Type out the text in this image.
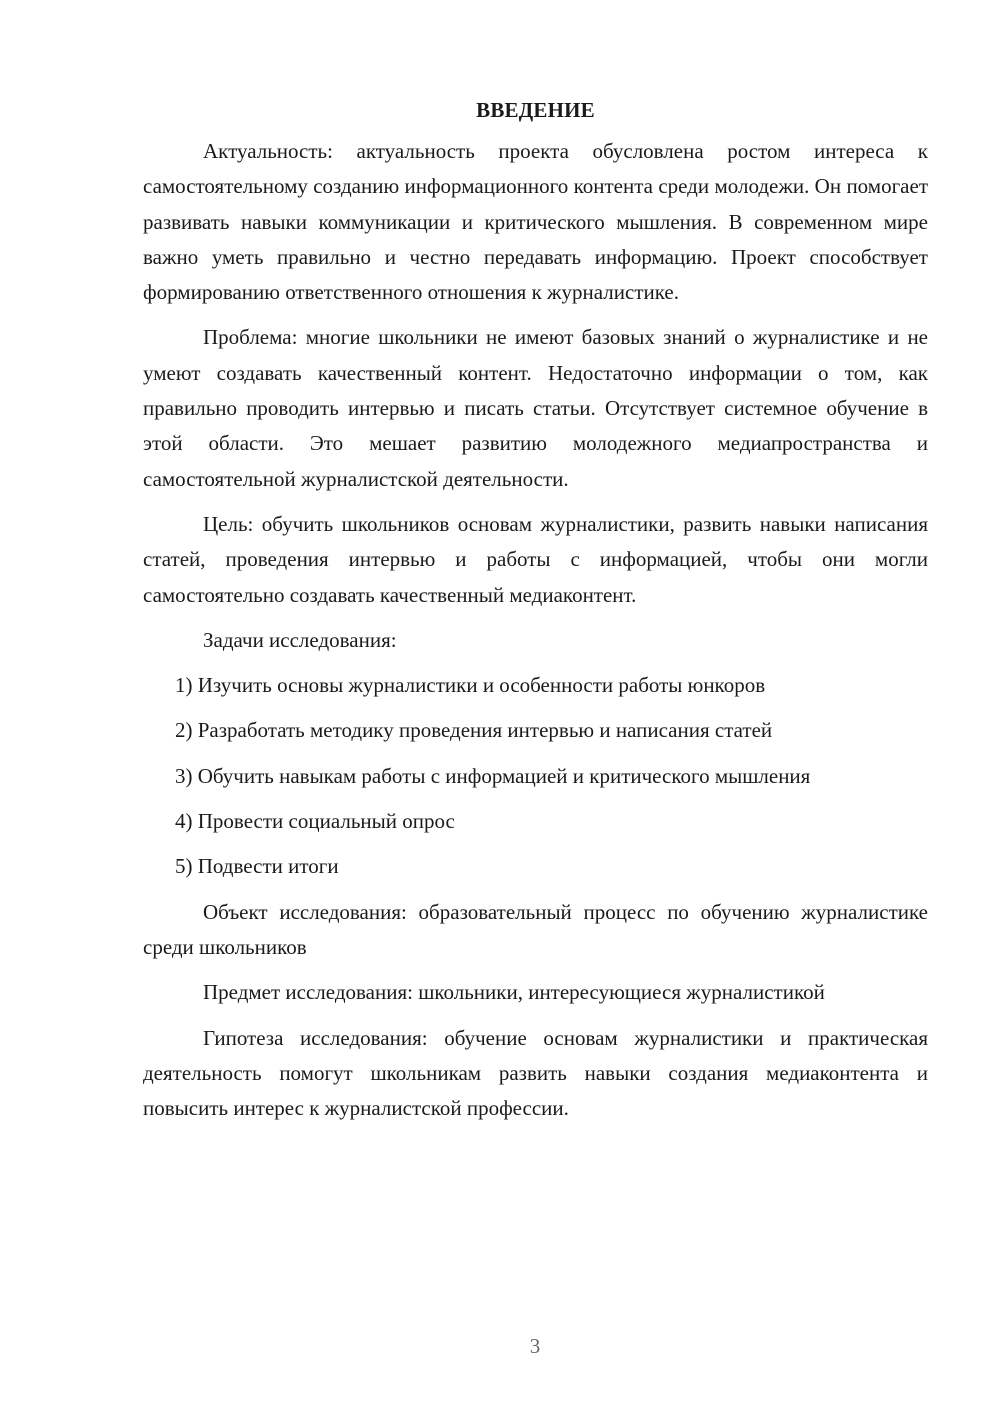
ВВЕДЕНИЕ

Актуальность: актуальность проекта обусловлена ростом интереса к самостоятельному созданию информационного контента среди молодежи. Он помогает развивать навыки коммуникации и критического мышления. В современном мире важно уметь правильно и честно передавать информацию. Проект способствует формированию ответственного отношения к журналистике.

Проблема: многие школьники не имеют базовых знаний о журналистике и не умеют создавать качественный контент. Недостаточно информации о том, как правильно проводить интервью и писать статьи. Отсутствует системное обучение в этой области. Это мешает развитию молодежного медиапространства и самостоятельной журналистской деятельности.

Цель: обучить школьников основам журналистики, развить навыки написания статей, проведения интервью и работы с информацией, чтобы они могли самостоятельно создавать качественный медиаконтент.

Задачи исследования:

1) Изучить основы журналистики и особенности работы юнкоров

2) Разработать методику проведения интервью и написания статей

3) Обучить навыкам работы с информацией и критического мышления

4) Провести социальный опрос

5) Подвести итоги

Объект исследования: образовательный процесс по обучению журналистике среди школьников

Предмет исследования: школьники, интересующиеся журналистикой

Гипотеза исследования: обучение основам журналистики и практическая деятельность помогут школьникам развить навыки создания медиаконтента и повысить интерес к журналистской профессии.

3
